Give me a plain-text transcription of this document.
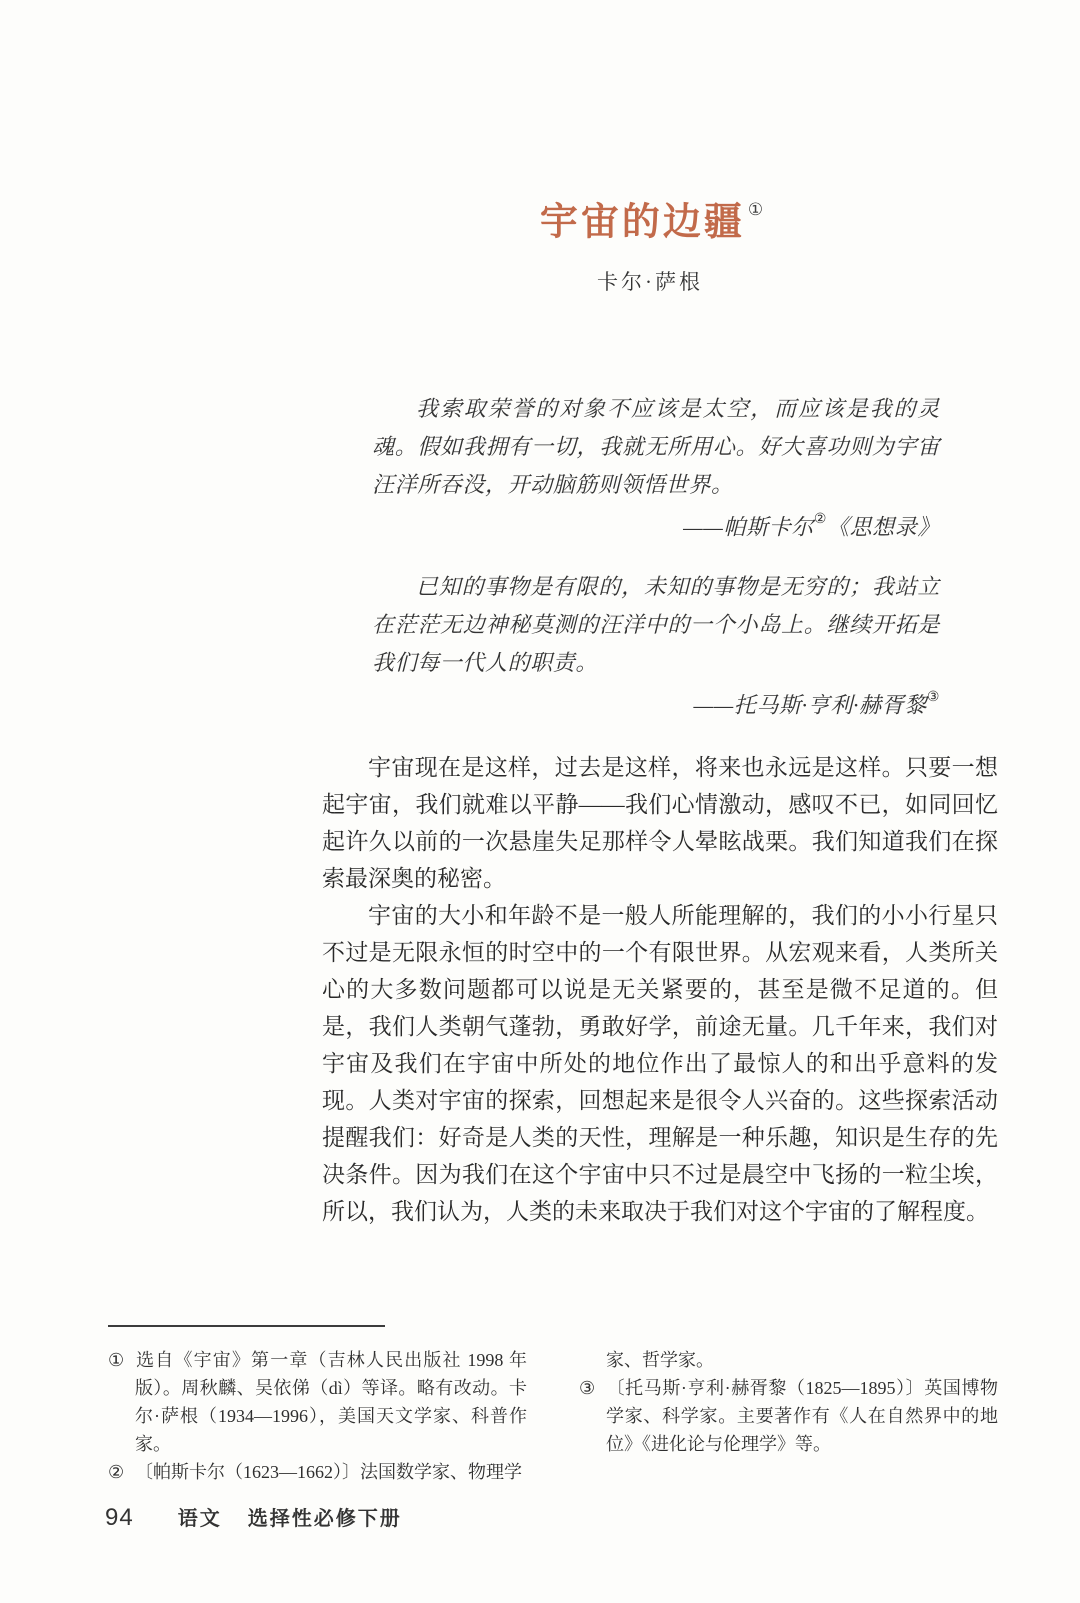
宇宙的边疆 ①
卡尔·萨根

我索取荣誉的对象不应该是太空，而应该是我的灵魂。假如我拥有一切，我就无所用心。好大喜功则为宇宙汪洋所吞没，开动脑筋则领悟世界。

——帕斯卡尔②《思想录》

已知的事物是有限的，未知的事物是无穷的；我站立在茫茫无边神秘莫测的汪洋中的一个小岛上。继续开拓是我们每一代人的职责。

——托马斯·亨利·赫胥黎③

宇宙现在是这样，过去是这样，将来也永远是这样。只要一想起宇宙，我们就难以平静——我们心情激动，感叹不已，如同回忆起许久以前的一次悬崖失足那样令人晕眩战栗。我们知道我们在探索最深奥的秘密。

宇宙的大小和年龄不是一般人所能理解的，我们的小小行星只不过是无限永恒的时空中的一个有限世界。从宏观来看，人类所关心的大多数问题都可以说是无关紧要的，甚至是微不足道的。但是，我们人类朝气蓬勃，勇敢好学，前途无量。几千年来，我们对宇宙及我们在宇宙中所处的地位作出了最惊人的和出乎意料的发现。人类对宇宙的探索，回想起来是很令人兴奋的。这些探索活动提醒我们：好奇是人类的天性，理解是一种乐趣，知识是生存的先决条件。因为我们在这个宇宙中只不过是晨空中飞扬的一粒尘埃，所以，我们认为，人类的未来取决于我们对这个宇宙的了解程度。

① 选自《宇宙》第一章（吉林人民出版社 1998 年版）。周秋麟、吴依俤（dì）等译。略有改动。卡尔·萨根（1934—1996），美国天文学家、科普作家。

② 〔帕斯卡尔（1623—1662）〕法国数学家、物理学

家、哲学家。

③ 〔托马斯·亨利·赫胥黎（1825—1895）〕英国博物学家、科学家。主要著作有《人在自然界中的地位》《进化论与伦理学》等。

94 语文 选择性必修下册
